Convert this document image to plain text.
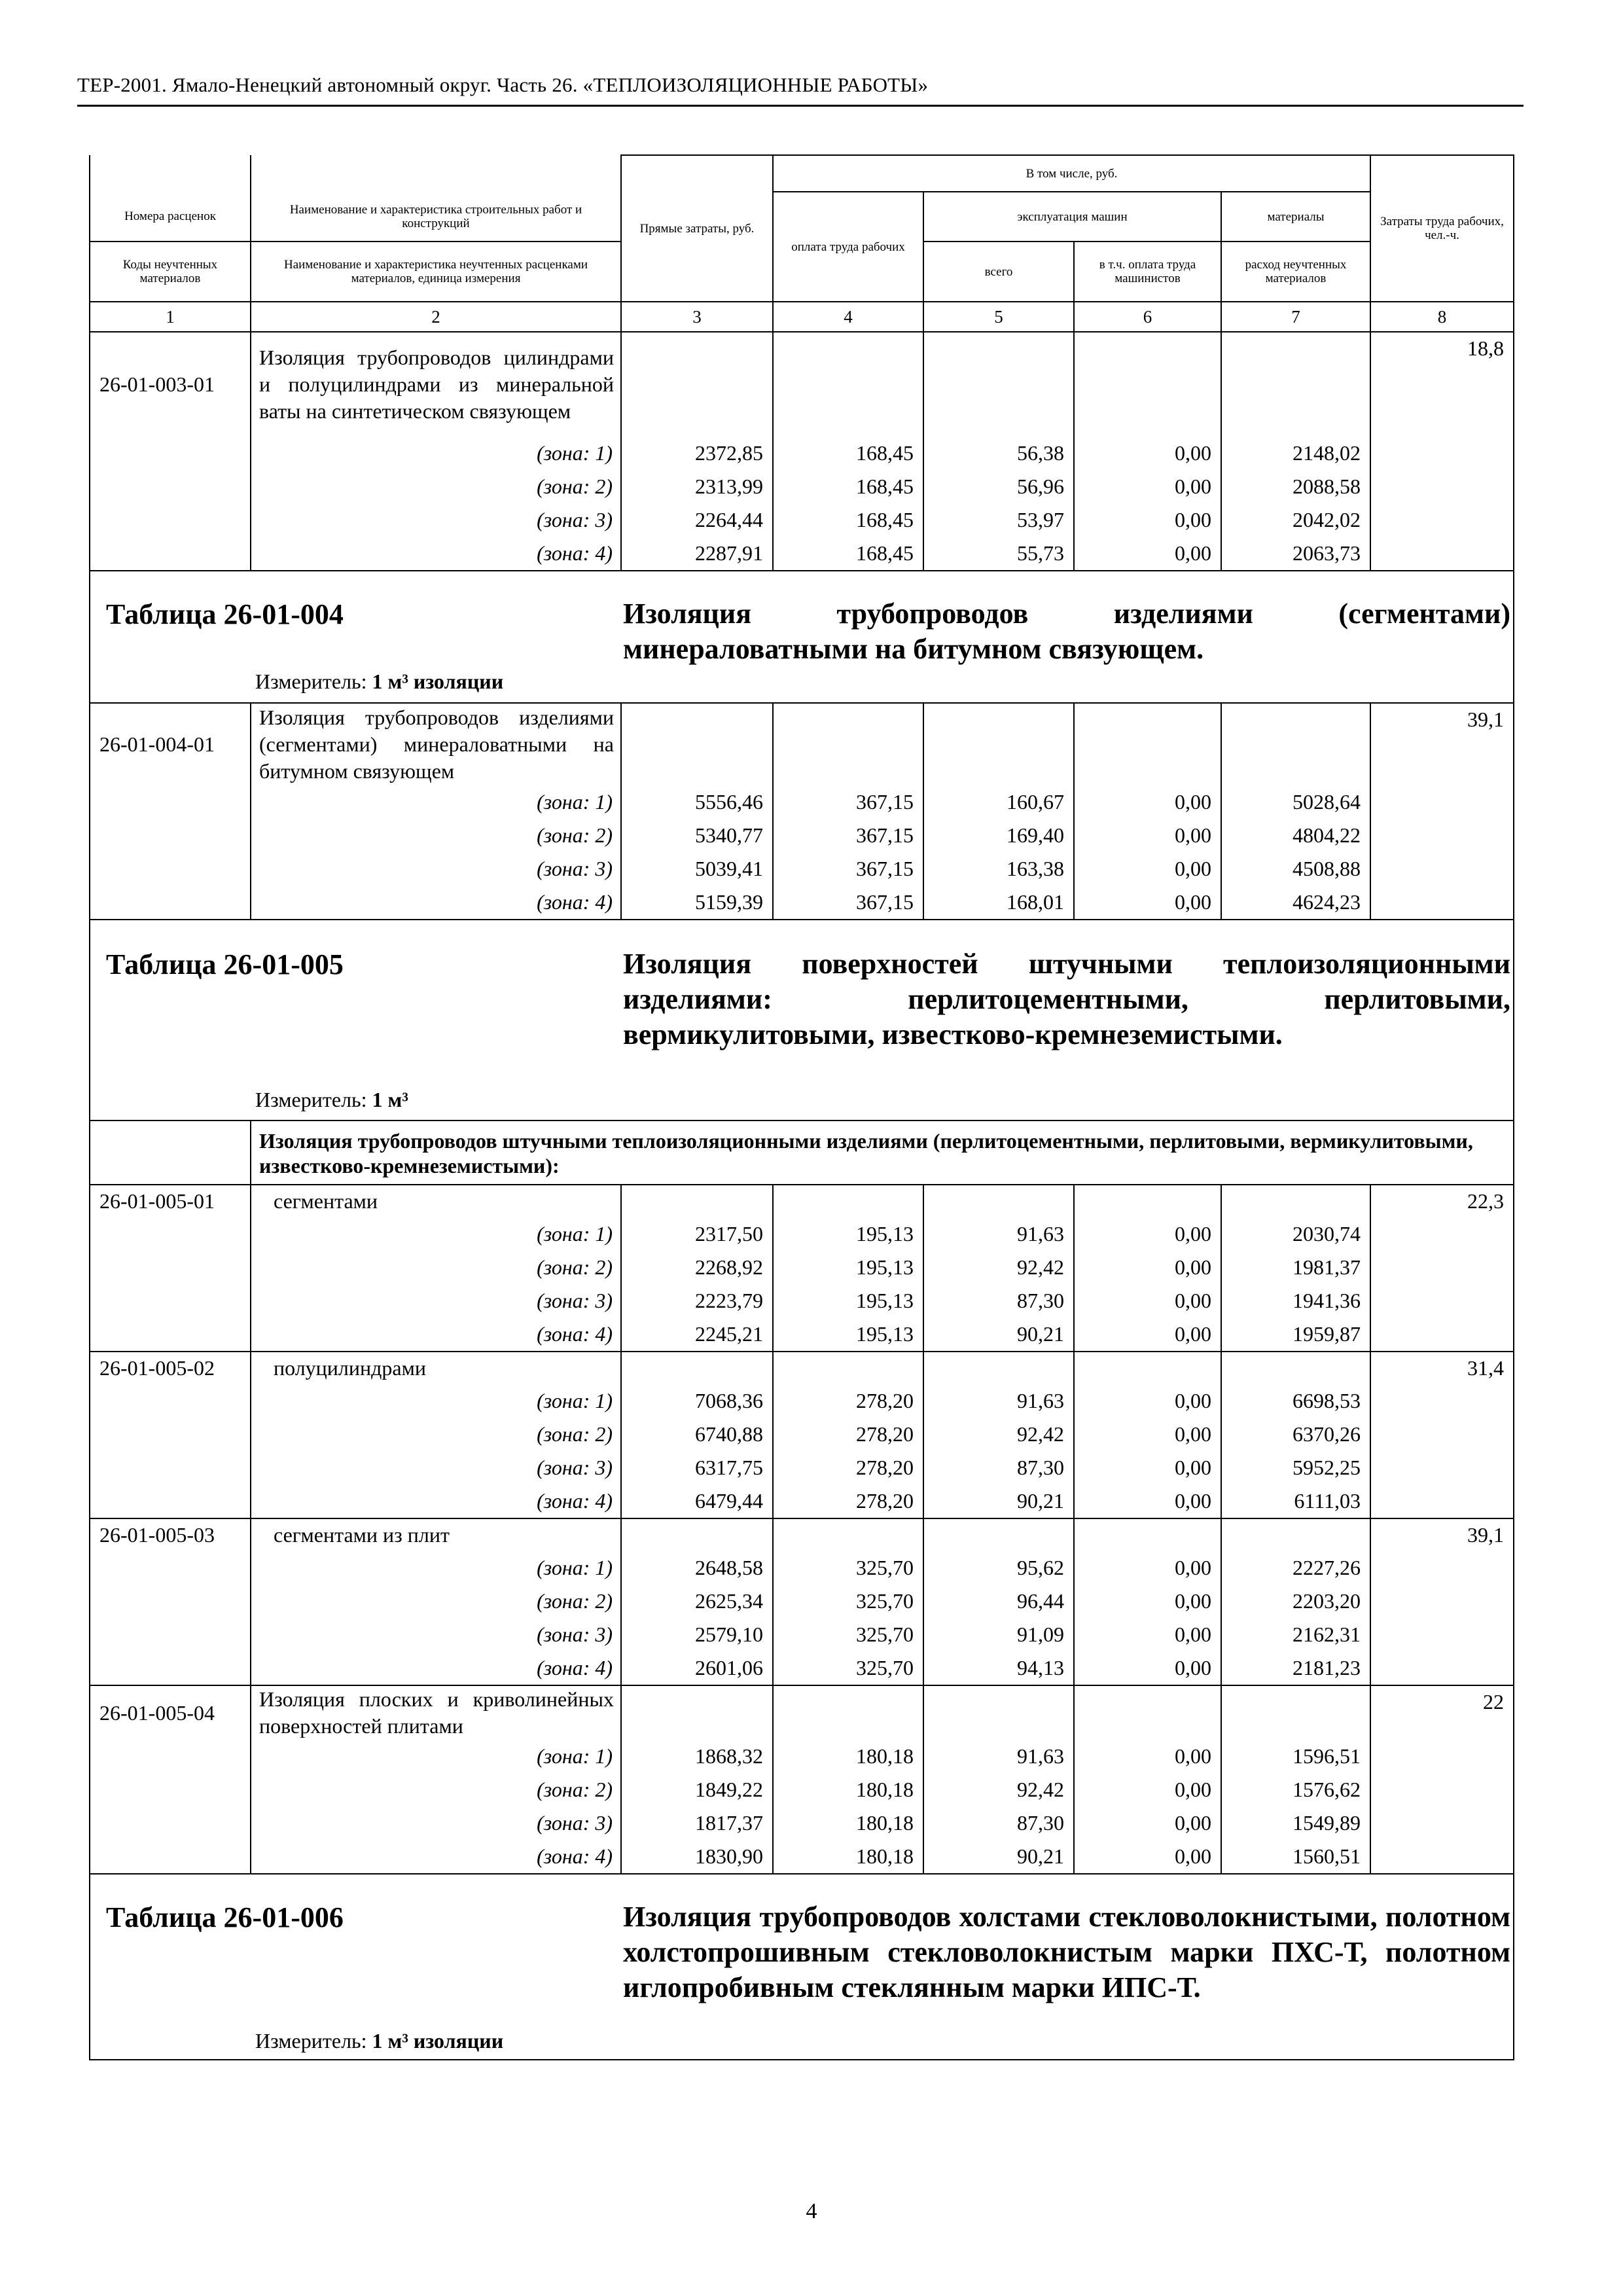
ТЕР-2001. Ямало-Ненецкий автономный округ. Часть 26. «ТЕПЛОИЗОЛЯЦИОННЫЕ РАБОТЫ»
		Прямые затраты, руб.	В том числе, руб.				Затраты труда рабочих, чел.-ч.
Номера расценок	Наименование и характеристика строительных работ и конструкций		оплата труда рабочих	эксплуатация машин		материалы	
Коды неучтенных материалов	Наименование и характеристика неучтенных расценками материалов, единица измерения			всего	в т.ч. оплата труда машинистов	расход неучтенных материалов	
1	2	3	4	5	6	7	8
26-01-003-01	Изоляция трубопроводов цилиндрами и полуцилиндрами из минеральной ваты на синтетическом связующем						18,8
	(зона: 1)	2372,85	168,45	56,38	0,00	2148,02	
	(зона: 2)	2313,99	168,45	56,96	0,00	2088,58	
	(зона: 3)	2264,44	168,45	53,97	0,00	2042,02	
	(зона: 4)	2287,91	168,45	55,73	0,00	2063,73	

Таблица 26-01-004 Изоляция трубопроводов изделиями (сегментами) минераловатными на битумном связующем.
Измеритель: 1 м³ изоляции							

26-01-004-01	Изоляция трубопроводов изделиями (сегментами) минераловатными на битумном связующем						39,1
	(зона: 1)	5556,46	367,15	160,67	0,00	5028,64	
	(зона: 2)	5340,77	367,15	169,40	0,00	4804,22	
	(зона: 3)	5039,41	367,15	163,38	0,00	4508,88	
	(зона: 4)	5159,39	367,15	168,01	0,00	4624,23	

Таблица 26-01-005 Изоляция поверхностей штучными теплоизоляционными изделиями: перлитоцементными, перлитовыми, вермикулитовыми, известково-кремнеземистыми.
Измеритель: 1 м³							

	Изоляция трубопроводов штучными теплоизоляционными изделиями (перлитоцементными, перлитовыми, вермикулитовыми, известково-кремнеземистыми):						
26-01-005-01	сегментами						22,3
	(зона: 1)	2317,50	195,13	91,63	0,00	2030,74	
	(зона: 2)	2268,92	195,13	92,42	0,00	1981,37	
	(зона: 3)	2223,79	195,13	87,30	0,00	1941,36	
	(зона: 4)	2245,21	195,13	90,21	0,00	1959,87	
26-01-005-02	полуцилиндрами						31,4
	(зона: 1)	7068,36	278,20	91,63	0,00	6698,53	
	(зона: 2)	6740,88	278,20	92,42	0,00	6370,26	
	(зона: 3)	6317,75	278,20	87,30	0,00	5952,25	
	(зона: 4)	6479,44	278,20	90,21	0,00	6111,03	
26-01-005-03	сегментами из плит						39,1
	(зона: 1)	2648,58	325,70	95,62	0,00	2227,26	
	(зона: 2)	2625,34	325,70	96,44	0,00	2203,20	
	(зона: 3)	2579,10	325,70	91,09	0,00	2162,31	
	(зона: 4)	2601,06	325,70	94,13	0,00	2181,23	
26-01-005-04	Изоляция плоских и криволинейных поверхностей плитами						22
	(зона: 1)	1868,32	180,18	91,63	0,00	1596,51	
	(зона: 2)	1849,22	180,18	92,42	0,00	1576,62	
	(зона: 3)	1817,37	180,18	87,30	0,00	1549,89	
	(зона: 4)	1830,90	180,18	90,21	0,00	1560,51	

Таблица 26-01-006 Изоляция трубопроводов холстами стекловолокнистыми, полотном холстопрошивным стекловолокнистым марки ПХС-Т, полотном иглопробивным стеклянным марки ИПС-Т.
Измеритель: 1 м³ изоляции							
4
